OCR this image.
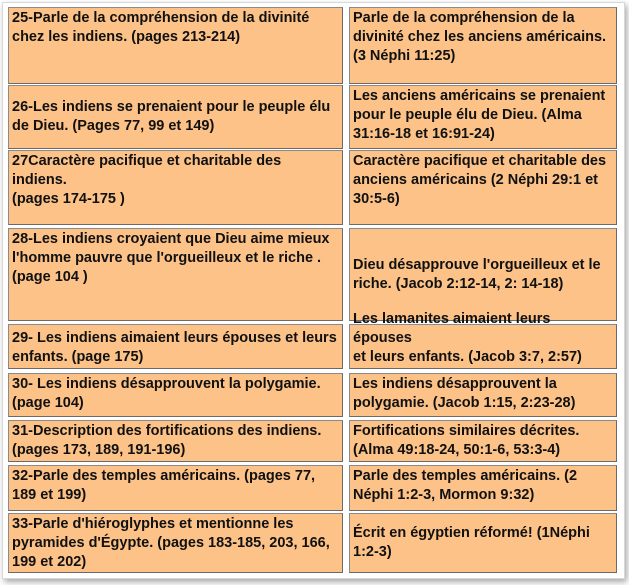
25-Parle de la compréhension de la divinité
chez les indiens. (pages 213-214)
Parle de la compréhension de la
divinité chez les anciens américains.
(3 Néphi 11:25)
26-Les indiens se prenaient pour le peuple élu
de Dieu. (Pages 77, 99 et 149)
Les anciens américains se prenaient
pour le peuple élu de Dieu. (Alma
31:16-18 et 16:91-24)
27Caractère pacifique et charitable des indiens.
(pages 174-175 )
Caractère pacifique et charitable des
anciens américains (2 Néphi 29:1 et
30:5-6)
28-Les indiens croyaient que Dieu aime mieux
l'homme pauvre que l'orgueilleux et le riche .
(page 104 )
Dieu désapprouve l'orgueilleux et le
riche. (Jacob 2:12-14, 2: 14-18)
29- Les indiens aimaient leurs épouses et leurs
enfants. (page 175)
Les lamanites aimaient leurs épouses
et leurs enfants. (Jacob 3:7, 2:57)
30- Les indiens désapprouvent la polygamie.
(page 104)
Les indiens désapprouvent la
polygamie. (Jacob 1:15, 2:23-28)
31-Description des fortifications des indiens.
(pages 173, 189, 191-196)
Fortifications similaires décrites.
(Alma 49:18-24, 50:1-6, 53:3-4)
32-Parle des temples américains. (pages 77,
189 et 199)
Parle des temples américains. (2
Néphi 1:2-3, Mormon 9:32)
33-Parle d'hiéroglyphes et mentionne les
pyramides d'Égypte. (pages 183-185, 203, 166,
199 et 202)
Écrit en égyptien réformé! (1Néphi
1:2-3)
